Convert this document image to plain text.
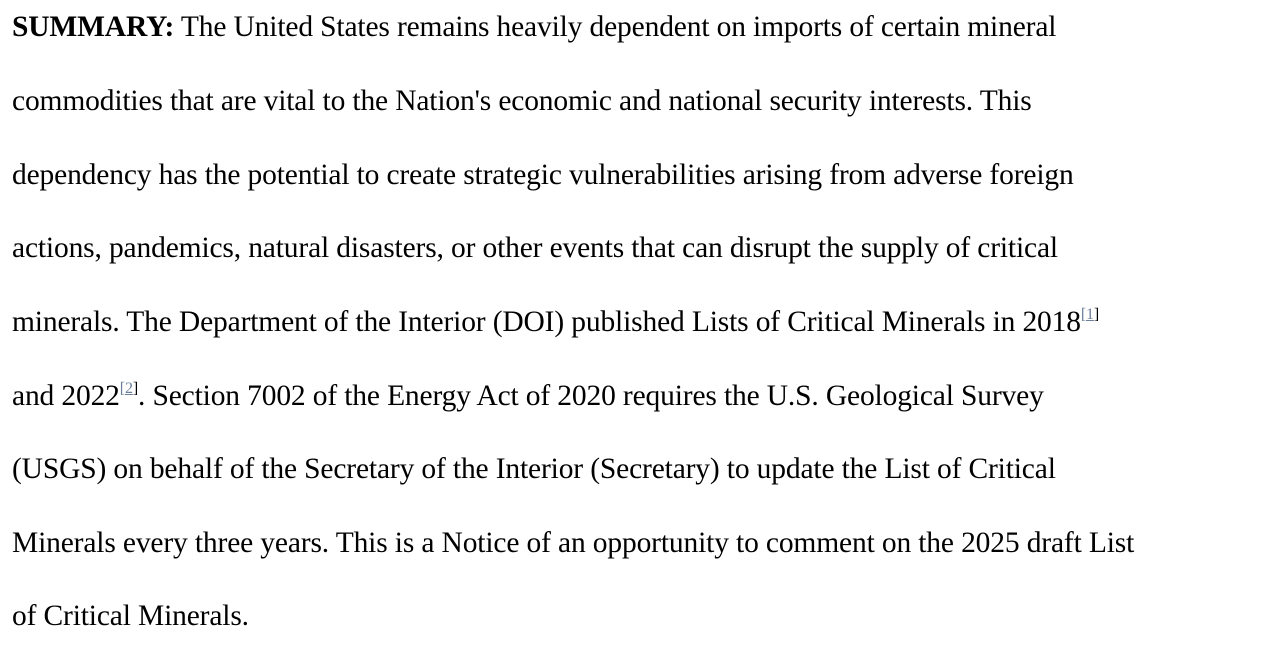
SUMMARY: The United States remains heavily dependent on imports of certain mineral
commodities that are vital to the Nation's economic and national security interests. This
dependency has the potential to create strategic vulnerabilities arising from adverse foreign
actions, pandemics, natural disasters, or other events that can disrupt the supply of critical
minerals. The Department of the Interior (DOI) published Lists of Critical Minerals in 2018[1]
and 2022[2]. Section 7002 of the Energy Act of 2020 requires the U.S. Geological Survey
(USGS) on behalf of the Secretary of the Interior (Secretary) to update the List of Critical
Minerals every three years. This is a Notice of an opportunity to comment on the 2025 draft List
of Critical Minerals.
